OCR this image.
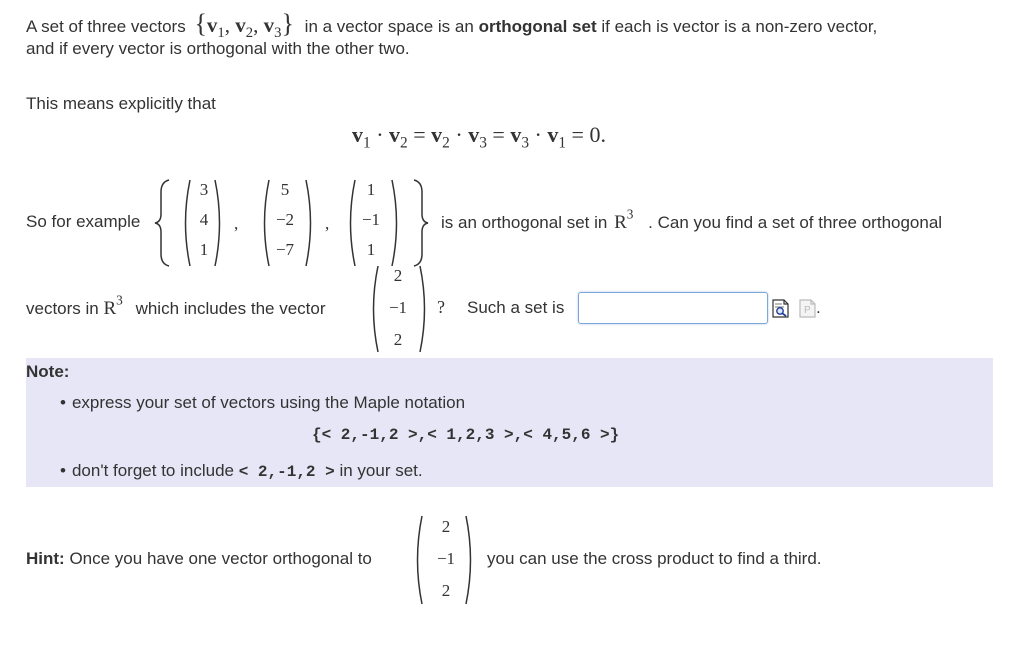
A set of three vectors {$v_1$, $v_2$, $v_3$} in a vector space is an orthogonal set if each is vector is a non-zero vector,
and if every vector is orthogonal with the other two.
This means explicitly that
$v_1 \cdot v_2 = v_2 \cdot v_3 = v_3 \cdot v_1 = 0$.
So for example
3
4
1
,
5
−2
−7
,
1
−1
1
is an orthogonal set in $R^3$ . Can you find a set of three orthogonal
vectors in $R^3$ which includes the vector
2
−1
2
? Such a set is	P .
Note:
• express your set of vectors using the Maple notation
{< 2,-1,2 >,< 1,2,3 >,< 4,5,6 >}
• don't forget to include < 2,-1,2 > in your set.
Hint: Once you have one vector orthogonal to
2
−1
2
you can use the cross product to find a third.
